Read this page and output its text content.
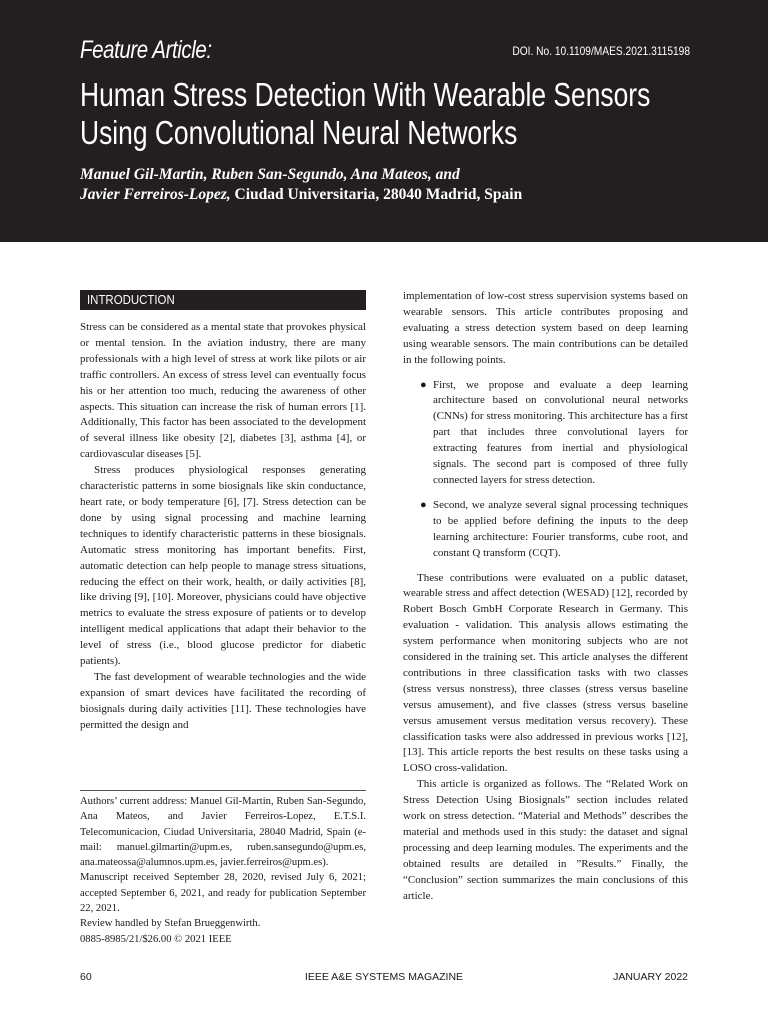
Feature Article:	DOI. No. 10.1109/MAES.2021.3115198
Human Stress Detection With Wearable Sensors
Using Convolutional Neural Networks
Manuel Gil-Martin, Ruben San-Segundo, Ana Mateos, and
Javier Ferreiros-Lopez, Ciudad Universitaria, 28040 Madrid, Spain
INTRODUCTION

Stress can be considered as a mental state that provokes physical or mental tension. In the aviation industry, there are many professionals with a high level of stress at work like pilots or air traffic controllers. An excess of stress level can eventually focus his or her attention too much, reducing the awareness of other aspects. This situation can increase the risk of human errors [1]. Additionally, This factor has been associated to the development of several illness like obesity [2], diabetes [3], asthma [4], or cardiovascular diseases [5].

Stress produces physiological responses generating characteristic patterns in some biosignals like skin conductance, heart rate, or body temperature [6], [7]. Stress detection can be done by using signal processing and machine learning techniques to identify characteristic patterns in these biosignals. Automatic stress monitoring has important benefits. First, automatic detection can help people to manage stress situations, reducing the effect on their work, health, or daily activities [8], like driving [9], [10]. Moreover, physicians could have objective metrics to evaluate the stress exposure of patients or to develop intelligent medical applications that adapt their behavior to the level of stress (i.e., blood glucose predictor for diabetic patients).

The fast development of wearable technologies and the wide expansion of smart devices have facilitated the recording of biosignals during daily activities [11]. These technologies have permitted the design and

Authors’ current address: Manuel Gil-Martin, Ruben San-Segundo, Ana Mateos, and Javier Ferreiros-Lopez, E.T.S.I. Telecomunicacion, Ciudad Universitaria, 28040 Madrid, Spain (e-mail: manuel.gilmartin@upm.es, ruben.sansegundo@upm.es, ana.mateossa@alumnos.upm.es, javier.ferreiros@upm.es).

Manuscript received September 28, 2020, revised July 6, 2021; accepted September 6, 2021, and ready for publication September 22, 2021.

Review handled by Stefan Brueggenwirth.

0885-8985/21/$26.00 © 2021 IEEE

implementation of low-cost stress supervision systems based on wearable sensors. This article contributes proposing and evaluating a stress detection system based on deep learning using wearable sensors. The main contributions can be detailed in the following points.

● First, we propose and evaluate a deep learning architecture based on convolutional neural networks (CNNs) for stress monitoring. This architecture has a first part that includes three convolutional layers for extracting features from inertial and physiological signals. The second part is composed of three fully connected layers for stress detection.

● Second, we analyze several signal processing techniques to be applied before defining the inputs to the deep learning architecture: Fourier transforms, cube root, and constant Q transform (CQT).

These contributions were evaluated on a public dataset, wearable stress and affect detection (WESAD) [12], recorded by Robert Bosch GmbH Corporate Research in Germany. This evaluation - validation. This analysis allows estimating the system performance when monitoring subjects who are not considered in the training set. This article analyses the different contributions in three classification tasks with two classes (stress versus nonstress), three classes (stress versus baseline versus amusement), and five classes (stress versus baseline versus amusement versus meditation versus recovery). These classification tasks were also addressed in previous works [12], [13]. This article reports the best results on these tasks using a LOSO cross-validation.

This article is organized as follows. The “Related Work on Stress Detection Using Biosignals” section includes related work on stress detection. “Material and Methods” describes the material and methods used in this study: the dataset and signal processing and deep learning modules. The experiments and the obtained results are detailed in ”Results.” Finally, the “Conclusion” section summarizes the main conclusions of this article.

60	IEEE A&E SYSTEMS MAGAZINE	JANUARY 2022
